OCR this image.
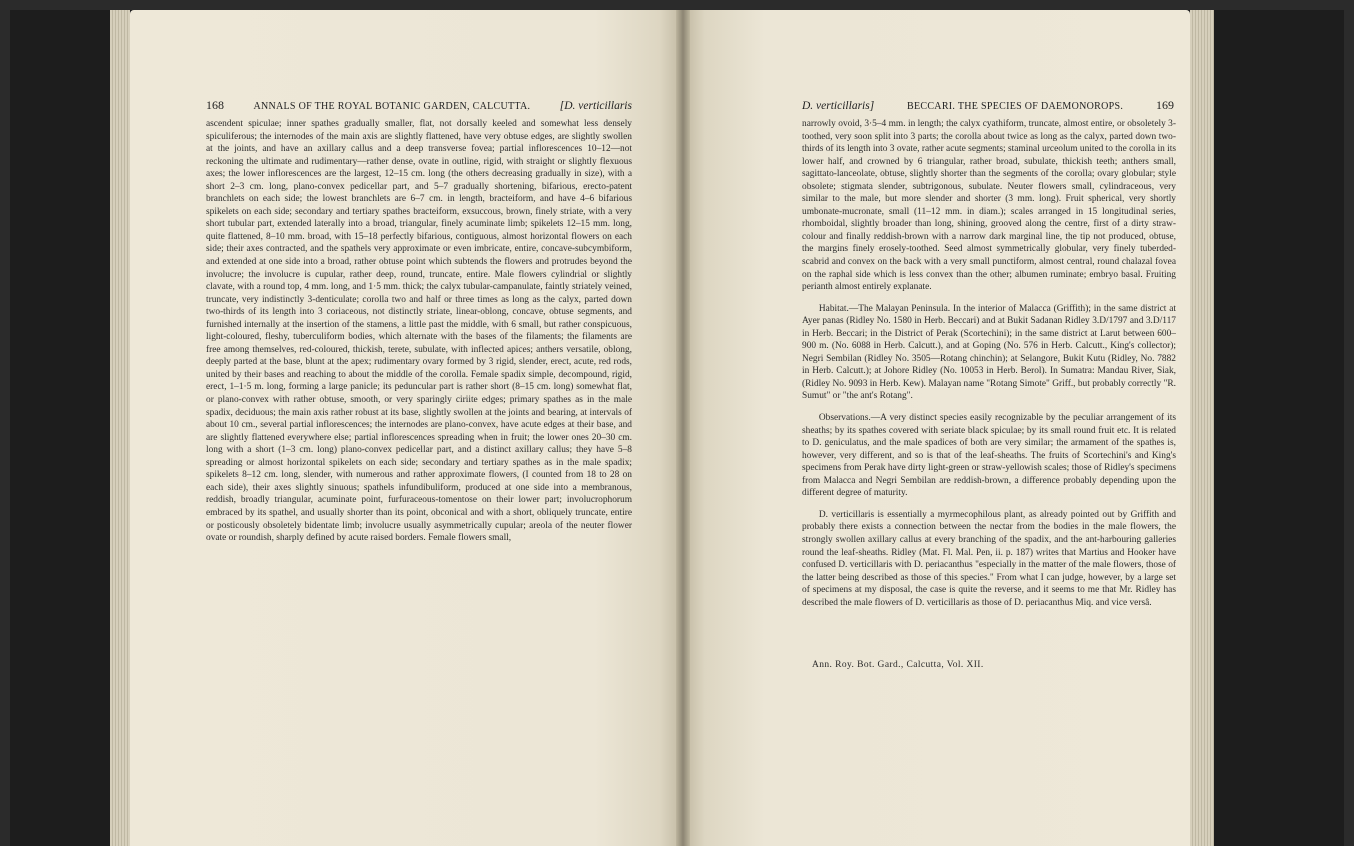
168	ANNALS OF THE ROYAL BOTANIC GARDEN, CALCUTTA.	[D. verticillaris

ascendent spiculae; inner spathes gradually smaller, flat, not dorsally keeled and somewhat less densely spiculiferous; the internodes of the main axis are slightly flattened, have very obtuse edges, are slightly swollen at the joints, and have an axillary callus and a deep transverse fovea; partial inflorescences 10–12—not reckoning the ultimate and rudimentary—rather dense, ovate in outline, rigid, with straight or slightly flexuous axes; the lower inflorescences are the largest, 12–15 cm. long (the others decreasing gradually in size), with a short 2–3 cm. long, plano-convex pedicellar part, and 5–7 gradually shortening, bifarious, erecto-patent branchlets on each side; the lowest branchlets are 6–7 cm. in length, bracteiform, and have 4–6 bifarious spikelets on each side; secondary and tertiary spathes bracteiform, exsuccous, brown, finely striate, with a very short tubular part, extended laterally into a broad, triangular, finely acuminate limb; spikelets 12–15 mm. long, quite flattened, 8–10 mm. broad, with 15–18 perfectly bifarious, contiguous, almost horizontal flowers on each side; their axes contracted, and the spathels very approximate or even imbricate, entire, concave-subcymbiform, and extended at one side into a broad, rather obtuse point which subtends the flowers and protrudes beyond the involucre; the involucre is cupular, rather deep, round, truncate, entire. Male flowers cylindrial or slightly clavate, with a round top, 4 mm. long, and 1·5 mm. thick; the calyx tubular-campanulate, faintly striately veined, truncate, very indistinctly 3-denticulate; corolla two and half or three times as long as the calyx, parted down two-thirds of its length into 3 coriaceous, not distinctly striate, linear-oblong, concave, obtuse segments, and furnished internally at the insertion of the stamens, a little past the middle, with 6 small, but rather conspicuous, light-coloured, fleshy, tuberculiform bodies, which alternate with the bases of the filaments; the filaments are free among themselves, red-coloured, thickish, terete, subulate, with inflected apices; anthers versatile, oblong, deeply parted at the base, blunt at the apex; rudimentary ovary formed by 3 rigid, slender, erect, acute, red rods, united by their bases and reaching to about the middle of the corolla. Female spadix simple, decompound, rigid, erect, 1–1·5 m. long, forming a large panicle; its peduncular part is rather short (8–15 cm. long) somewhat flat, or plano-convex with rather obtuse, smooth, or very sparingly ciriite edges; primary spathes as in the male spadix, deciduous; the main axis rather robust at its base, slightly swollen at the joints and bearing, at intervals of about 10 cm., several partial inflorescences; the internodes are plano-convex, have acute edges at their base, and are slightly flattened everywhere else; partial inflorescences spreading when in fruit; the lower ones 20–30 cm. long with a short (1–3 cm. long) plano-convex pedicellar part, and a distinct axillary callus; they have 5–8 spreading or almost horizontal spikelets on each side; secondary and tertiary spathes as in the male spadix; spikelets 8–12 cm. long, slender, with numerous and rather approximate flowers, (I counted from 18 to 28 on each side), their axes slightly sinuous; spathels infundibuliform, produced at one side into a membranous, reddish, broadly triangular, acuminate point, furfuraceous-tomentose on their lower part; involucrophorum embraced by its spathel, and usually shorter than its point, obconical and with a short, obliquely truncate, entire or posticously obsoletely bidentate limb; involucre usually asymmetrically cupular; areola of the neuter flower ovate or roundish, sharply defined by acute raised borders. Female flowers small,

D. verticillaris]	BECCARI. THE SPECIES OF DAEMONOROPS.	169

narrowly ovoid, 3·5–4 mm. in length; the calyx cyathiform, truncate, almost entire, or obsoletely 3-toothed, very soon split into 3 parts; the corolla about twice as long as the calyx, parted down two-thirds of its length into 3 ovate, rather acute segments; staminal urceolum united to the corolla in its lower half, and crowned by 6 triangular, rather broad, subulate, thickish teeth; anthers small, sagittato-lanceolate, obtuse, slightly shorter than the segments of the corolla; ovary globular; style obsolete; stigmata slender, subtrigonous, subulate. Neuter flowers small, cylindraceous, very similar to the male, but more slender and shorter (3 mm. long). Fruit spherical, very shortly umbonate-mucronate, small (11–12 mm. in diam.); scales arranged in 15 longitudinal series, rhomboidal, slightly broader than long, shining, grooved along the centre, first of a dirty straw-colour and finally reddish-brown with a narrow dark marginal line, the tip not produced, obtuse, the margins finely erosely-toothed. Seed almost symmetrically globular, very finely tuberded-scabrid and convex on the back with a very small punctiform, almost central, round chalazal fovea on the raphal side which is less convex than the other; albumen ruminate; embryo basal. Fruiting perianth almost entirely explanate.

Habitat.—The Malayan Peninsula. In the interior of Malacca (Griffith); in the same district at Ayer panas (Ridley No. 1580 in Herb. Beccari) and at Bukit Sadanan Ridley 3.D/1797 and 3.D/117 in Herb. Beccari; in the District of Perak (Scortechini); in the same district at Larut between 600–900 m. (No. 6088 in Herb. Calcutt.), and at Goping (No. 576 in Herb. Calcutt., King's collector); Negri Sembilan (Ridley No. 3505—Rotang chinchin); at Selangore, Bukit Kutu (Ridley, No. 7882 in Herb. Calcutt.); at Johore Ridley (No. 10053 in Herb. Berol). In Sumatra: Mandau River, Siak, (Ridley No. 9093 in Herb. Kew). Malayan name "Rotang Simote" Griff., but probably correctly "R. Sumut" or "the ant's Rotang".

Observations.—A very distinct species easily recognizable by the peculiar arrangement of its sheaths; by its spathes covered with seriate black spiculae; by its small round fruit etc. It is related to D. geniculatus, and the male spadices of both are very similar; the armament of the spathes is, however, very different, and so is that of the leaf-sheaths. The fruits of Scortechini's and King's specimens from Perak have dirty light-green or straw-yellowish scales; those of Ridley's specimens from Malacca and Negri Sembilan are reddish-brown, a difference probably depending upon the different degree of maturity.

D. verticillaris is essentially a myrmecophilous plant, as already pointed out by Griffith and probably there exists a connection between the nectar from the bodies in the male flowers, the strongly swollen axillary callus at every branching of the spadix, and the ant-harbouring galleries round the leaf-sheaths. Ridley (Mat. Fl. Mal. Pen, ii. p. 187) writes that Martius and Hooker have confused D. verticillaris with D. periacanthus "especially in the matter of the male flowers, those of the latter being described as those of this species." From what I can judge, however, by a large set of specimens at my disposal, the case is quite the reverse, and it seems to me that Mr. Ridley has described the male flowers of D. verticillaris as those of D. periacanthus Miq. and vice versâ.

Ann. Roy. Bot. Gard., Calcutta, Vol. XII.
